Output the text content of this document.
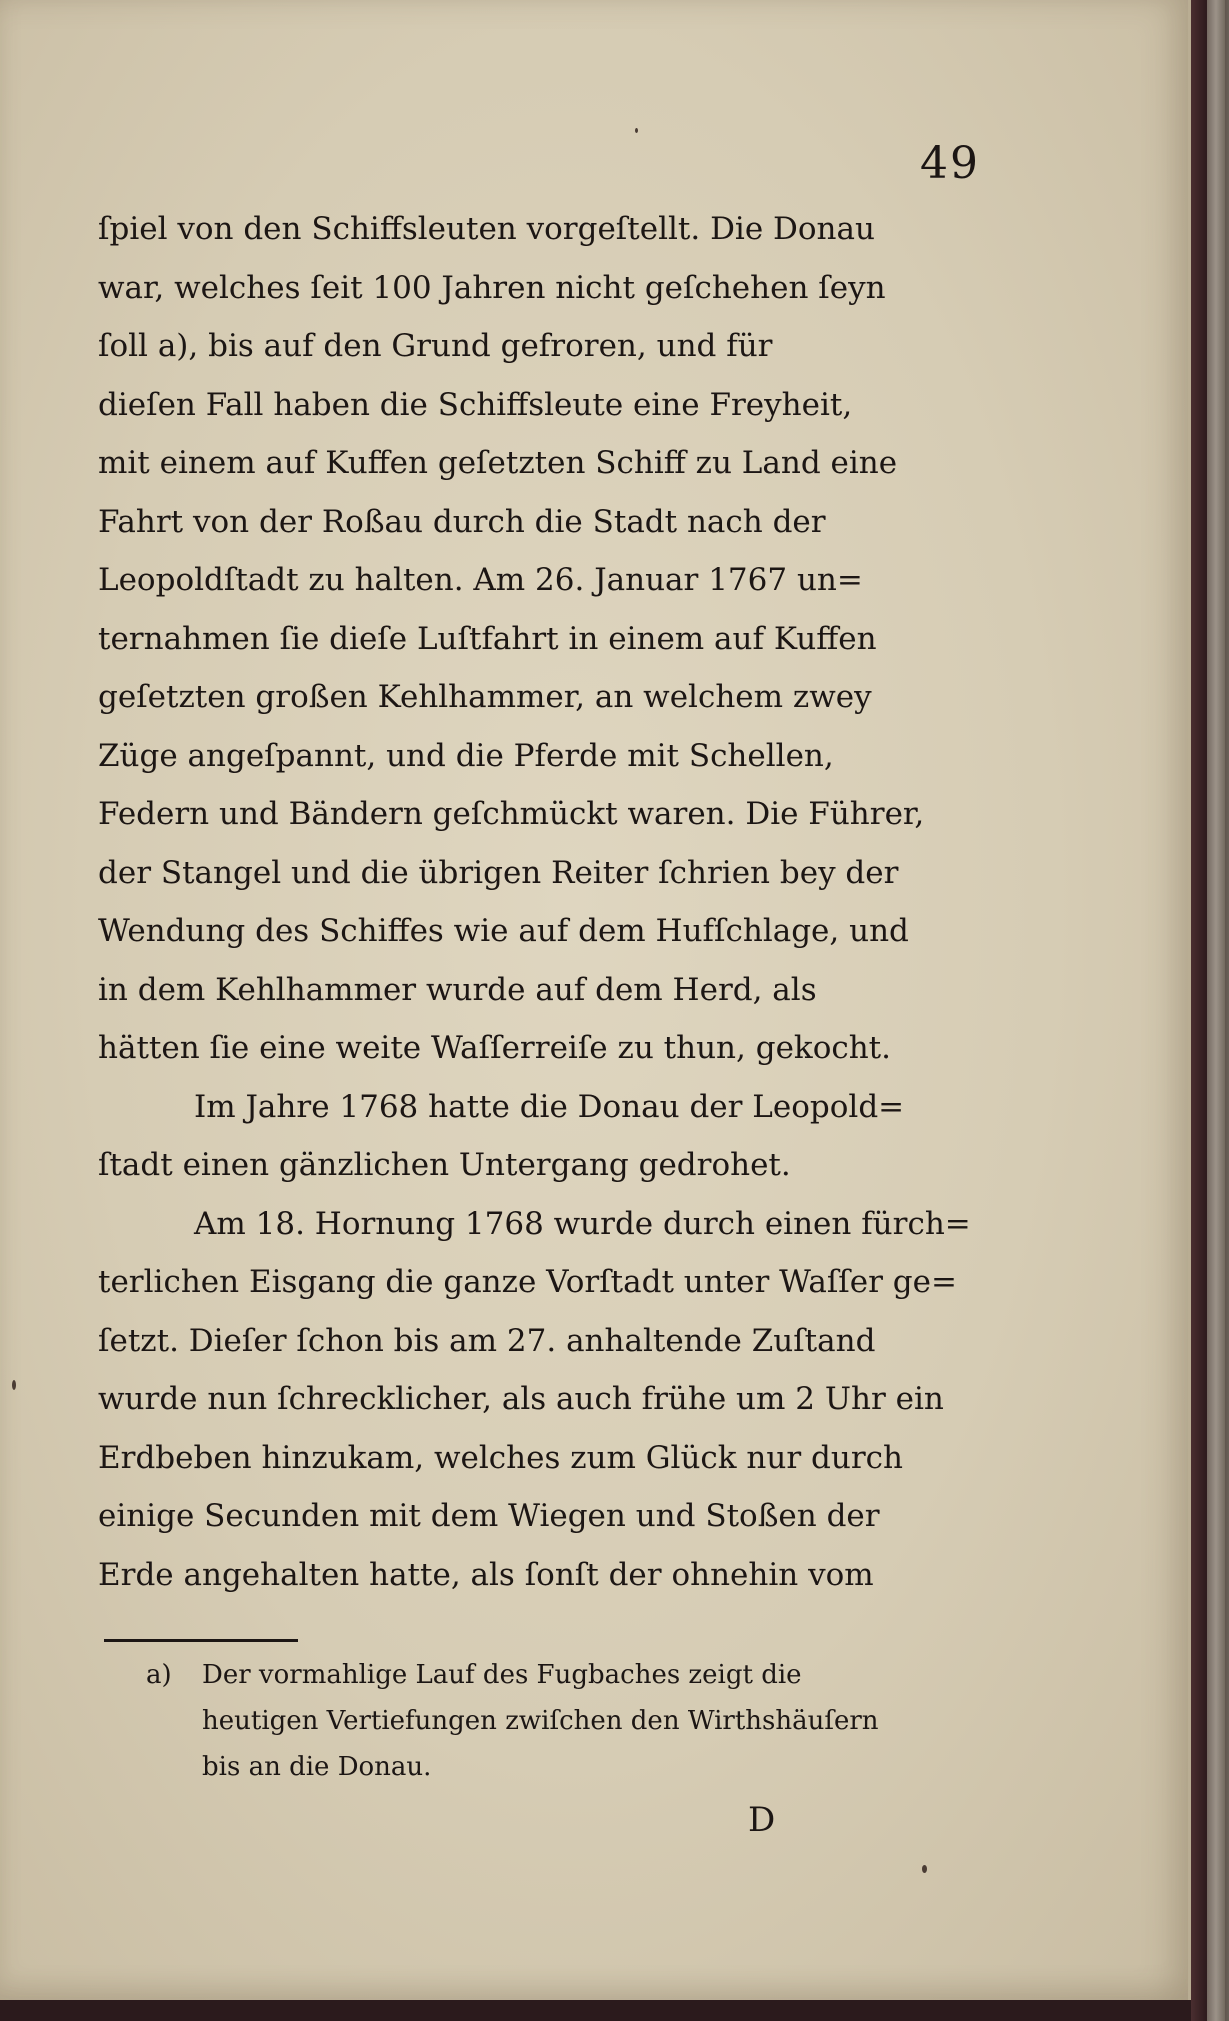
49
ſpiel von den Schiffsleuten vorgeſtellt. Die Donau
war, welches ſeit 100 Jahren nicht geſchehen ſeyn
ſoll a), bis auf den Grund gefroren, und für
dieſen Fall haben die Schiffsleute eine Freyheit,
mit einem auf Kuffen geſetzten Schiff zu Land eine
Fahrt von der Roßau durch die Stadt nach der
Leopoldſtadt zu halten. Am 26. Januar 1767 un=
ternahmen ſie dieſe Luſtfahrt in einem auf Kuffen
geſetzten großen Kehlhammer, an welchem zwey
Züge angeſpannt, und die Pferde mit Schellen,
Federn und Bändern geſchmückt waren. Die Führer,
der Stangel und die übrigen Reiter ſchrien bey der
Wendung des Schiffes wie auf dem Hufſchlage, und
in dem Kehlhammer wurde auf dem Herd, als
hätten ſie eine weite Waſſerreiſe zu thun, gekocht.
Im Jahre 1768 hatte die Donau der Leopold=
ſtadt einen gänzlichen Untergang gedrohet.
Am 18. Hornung 1768 wurde durch einen fürch=
terlichen Eisgang die ganze Vorſtadt unter Waſſer ge=
ſetzt. Dieſer ſchon bis am 27. anhaltende Zuſtand
wurde nun ſchrecklicher, als auch frühe um 2 Uhr ein
Erdbeben hinzukam, welches zum Glück nur durch
einige Secunden mit dem Wiegen und Stoßen der
Erde angehalten hatte, als ſonſt der ohnehin vom
a) Der vormahlige Lauf des Fugbaches zeigt die
heutigen Vertiefungen zwiſchen den Wirthshäuſern
bis an die Donau.
D
